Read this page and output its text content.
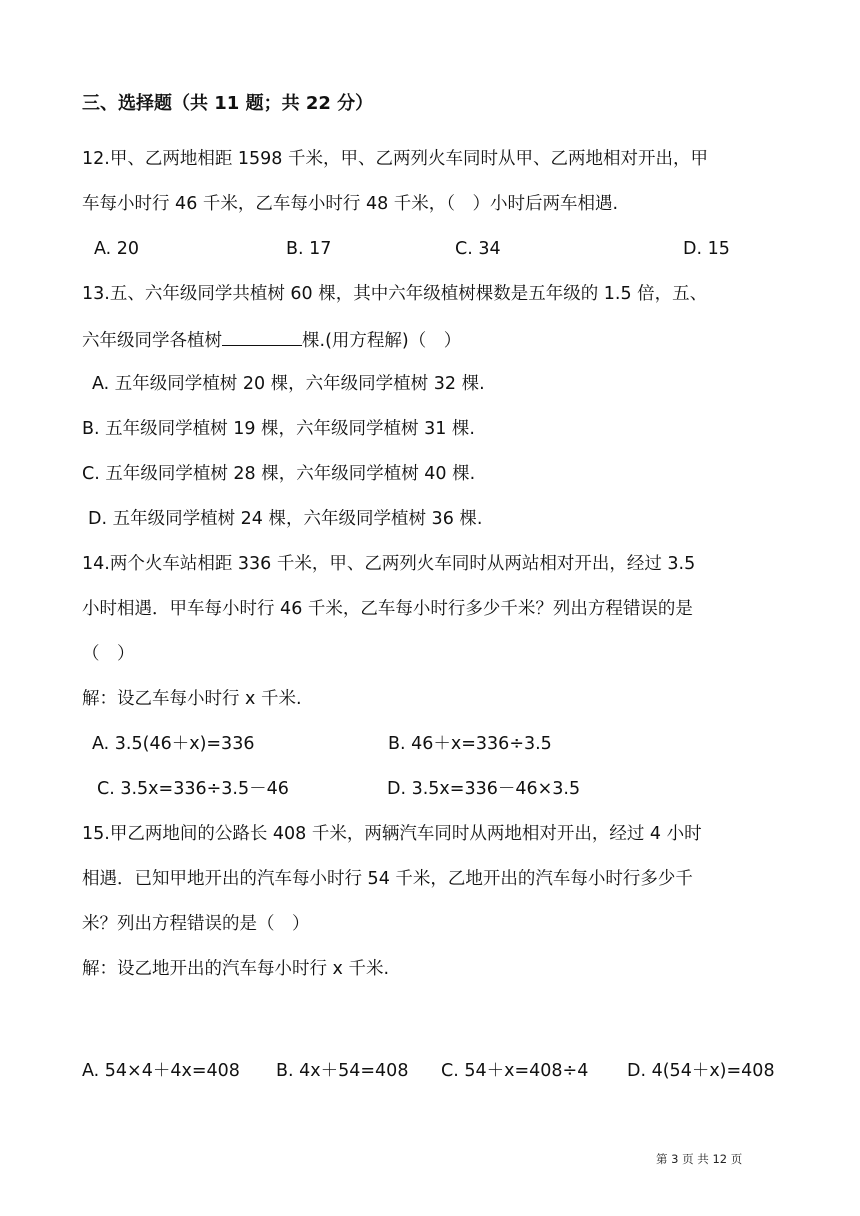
三、选择题（共 11 题；共 22 分）
12.甲、乙两地相距 1598 千米，甲、乙两列火车同时从甲、乙两地相对开出，甲
车每小时行 46 千米，乙车每小时行 48 千米，（　）小时后两车相遇.
A. 20	B. 17	C. 34	D. 15
13.五、六年级同学共植树 60 棵，其中六年级植树棵数是五年级的 1.5 倍，五、
六年级同学各植树	棵.(用方程解)（　）
A. 五年级同学植树 20 棵，六年级同学植树 32 棵.
B. 五年级同学植树 19 棵，六年级同学植树 31 棵.
C. 五年级同学植树 28 棵，六年级同学植树 40 棵.
D. 五年级同学植树 24 棵，六年级同学植树 36 棵.
14.两个火车站相距 336 千米，甲、乙两列火车同时从两站相对开出，经过 3.5
小时相遇．甲车每小时行 46 千米，乙车每小时行多少千米？列出方程错误的是
（　）
解：设乙车每小时行 x 千米.
A. 3.5(46＋x)=336	B. 46＋x=336÷3.5
C. 3.5x=336÷3.5－46	D. 3.5x=336－46×3.5
15.甲乙两地间的公路长 408 千米，两辆汽车同时从两地相对开出，经过 4 小时
相遇．已知甲地开出的汽车每小时行 54 千米，乙地开出的汽车每小时行多少千
米？列出方程错误的是（　）
解：设乙地开出的汽车每小时行 x 千米.
A. 54×4＋4x=408 B. 4x＋54=408 C. 54＋x=408÷4 D. 4(54＋x)=408
第 3 页 共 12 页
